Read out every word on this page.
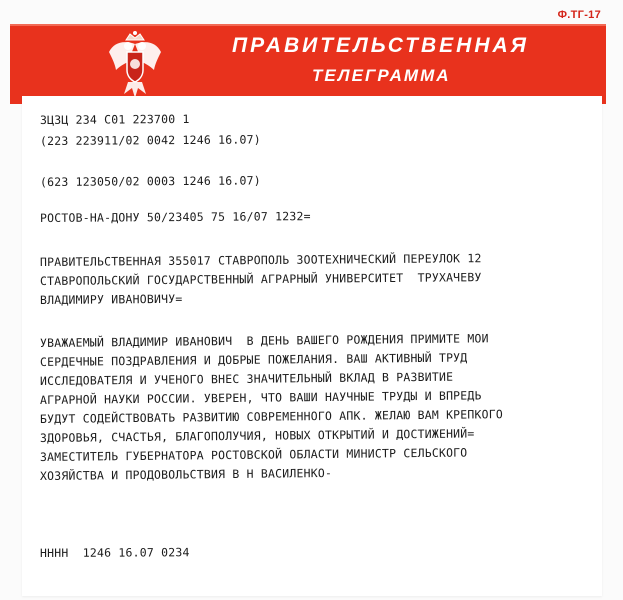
Ф.ТГ-17
ПРАВИТЕЛЬСТВЕННАЯ
ТЕЛЕГРАММА
ЗЦЗЦ 234 С01 223700 1
(223 223911/02 0042 1246 16.07)
(623 123050/02 0003 1246 16.07)
РОСТОВ-НА-ДОНУ 50/23405 75 16/07 1232=
ПРАВИТЕЛЬСТВЕННАЯ 355017 СТАВРОПОЛЬ ЗООТЕХНИЧЕСКИЙ ПЕРЕУЛОК 12
СТАВРОПОЛЬСКИЙ ГОСУДАРСТВЕННЫЙ АГРАРНЫЙ УНИВЕРСИТЕТ  ТРУХАЧЕВУ
ВЛАДИМИРУ ИВАНОВИЧУ=
УВАЖАЕМЫЙ ВЛАДИМИР ИВАНОВИЧ  В ДЕНЬ ВАШЕГО РОЖДЕНИЯ ПРИМИТЕ МОИ
СЕРДЕЧНЫЕ ПОЗДРАВЛЕНИЯ И ДОБРЫЕ ПОЖЕЛАНИЯ. ВАШ АКТИВНЫЙ ТРУД
ИССЛЕДОВАТЕЛЯ И УЧЕНОГО ВНЕС ЗНАЧИТЕЛЬНЫЙ ВКЛАД В РАЗВИТИЕ
АГРАРНОЙ НАУКИ РОССИИ. УВЕРЕН, ЧТО ВАШИ НАУЧНЫЕ ТРУДЫ И ВПРЕДЬ
БУДУТ СОДЕЙСТВОВАТЬ РАЗВИТИЮ СОВРЕМЕННОГО АПК. ЖЕЛАЮ ВАМ КРЕПКОГО
ЗДОРОВЬЯ, СЧАСТЬЯ, БЛАГОПОЛУЧИЯ, НОВЫХ ОТКРЫТИЙ И ДОСТИЖЕНИЙ=
ЗАМЕСТИТЕЛЬ ГУБЕРНАТОРА РОСТОВСКОЙ ОБЛАСТИ МИНИСТР СЕЛЬСКОГО
ХОЗЯЙСТВА И ПРОДОВОЛЬСТВИЯ В Н ВАСИЛЕНКО-
НННН  1246 16.07 0234
